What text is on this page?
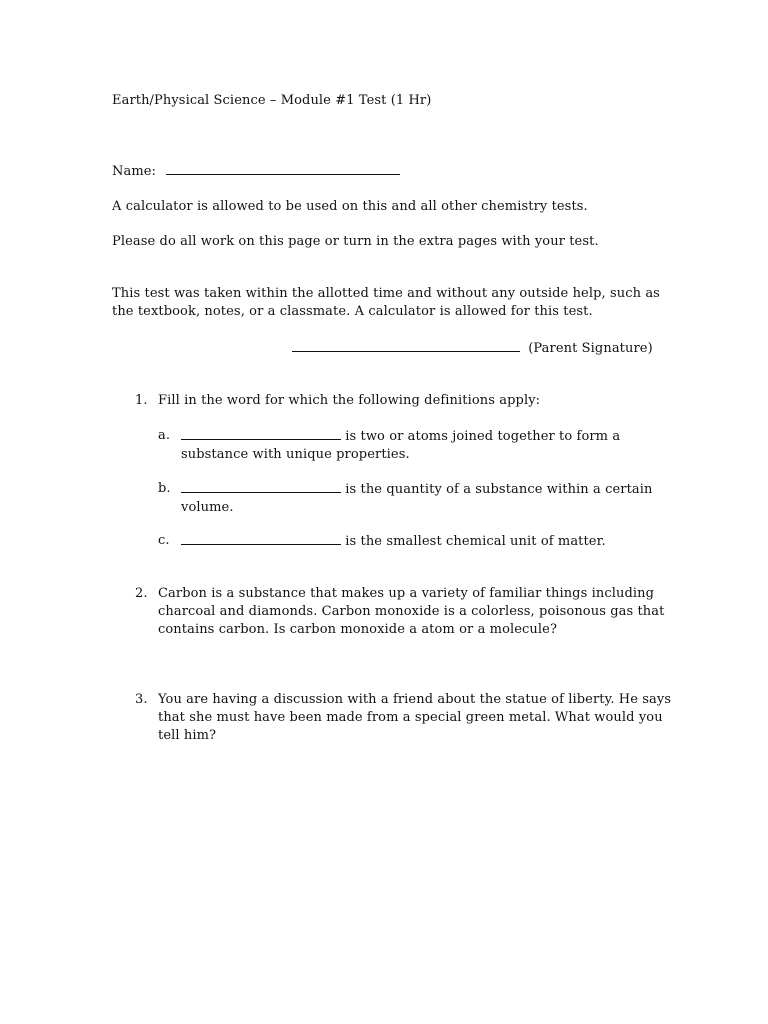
Earth/Physical Science – Module #1 Test (1 Hr)
Name:
A calculator is allowed to be used on this and all other chemistry tests.
Please do all work on this page or turn in the extra pages with your test.
This test was taken within the allotted time and without any outside help, such as
the textbook, notes, or a classmate. A calculator is allowed for this test.
(Parent Signature)
1. Fill in the word for which the following definitions apply:
a.	is two or atoms joined together to form a
substance with unique properties.
b.	is the quantity of a substance within a certain
volume.
c.	is the smallest chemical unit of matter.
2. Carbon is a substance that makes up a variety of familiar things including
charcoal and diamonds. Carbon monoxide is a colorless, poisonous gas that
contains carbon. Is carbon monoxide a atom or a molecule?
3. You are having a discussion with a friend about the statue of liberty. He says
that she must have been made from a special green metal. What would you
tell him?
